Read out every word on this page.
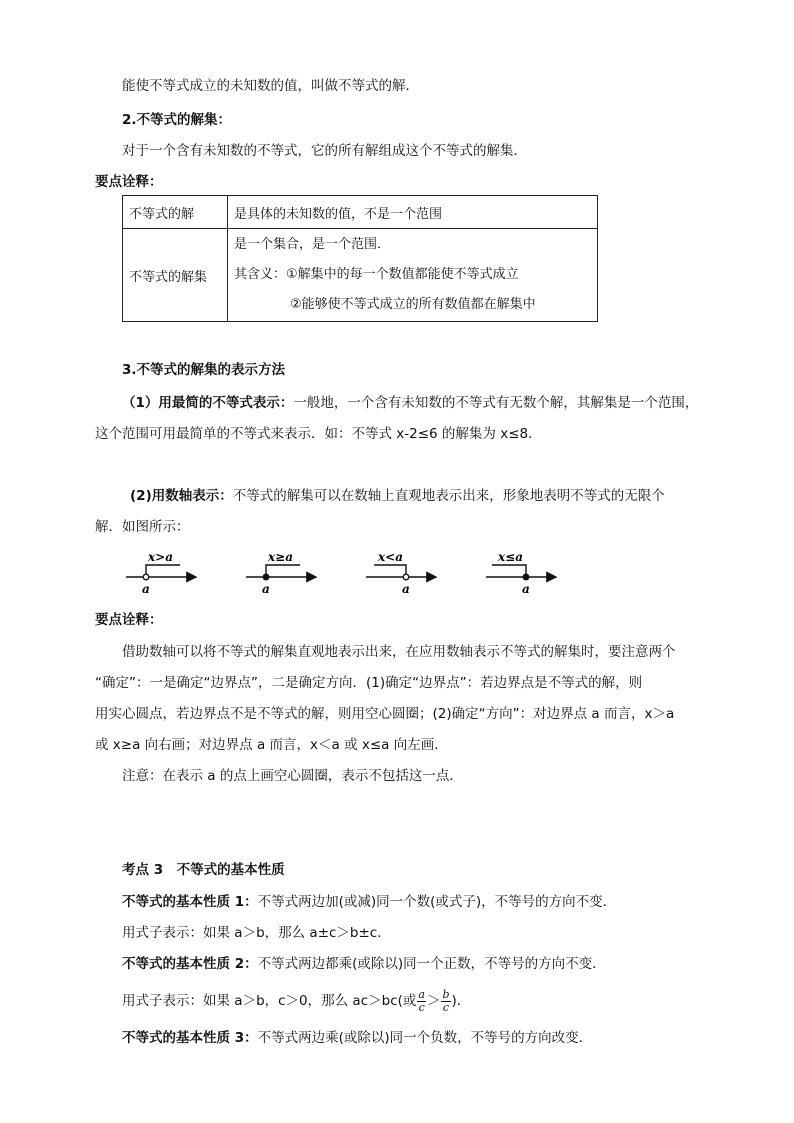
能使不等式成立的未知数的值，叫做不等式的解．
2.不等式的解集：
对于一个含有未知数的不等式，它的所有解组成这个不等式的解集．
要点诠释：
不等式的解	是具体的未知数的值，不是一个范围
不等式的解集	是一个集合，是一个范围．
其含义：①解集中的每一个数值都能使不等式成立
②能够使不等式成立的所有数值都在解集中
3.不等式的解集的表示方法
（1）用最简的不等式表示：一般地，一个含有未知数的不等式有无数个解，其解集是一个范围，
这个范围可用最简单的不等式来表示．如：不等式 x-2≤6 的解集为 x≤8．
(2)用数轴表示：不等式的解集可以在数轴上直观地表示出来，形象地表明不等式的无限个
解．如图所示：
x>a
a
x≥a
a
x<a
a
x≤a
a
要点诠释：
借助数轴可以将不等式的解集直观地表示出来，在应用数轴表示不等式的解集时，要注意两个
“确定”：一是确定“边界点”，二是确定方向．(1)确定“边界点”：若边界点是不等式的解，则
用实心圆点，若边界点不是不等式的解，则用空心圆圈；(2)确定“方向”：对边界点 a 而言，x＞a
或 x≥a 向右画；对边界点 a 而言，x＜a 或 x≤a 向左画．
注意：在表示 a 的点上画空心圆圈，表示不包括这一点．
考点 3　不等式的基本性质
不等式的基本性质 1：不等式两边加(或减)同一个数(或式子)，不等号的方向不变．
用式子表示：如果 a＞b，那么 a±c＞b±c．
不等式的基本性质 2：不等式两边都乘(或除以)同一个正数，不等号的方向不变．
用式子表示：如果 a＞b，c＞0，那么 ac＞bc(或 $\frac{a}{c} > \frac{b}{c}$ )．
不等式的基本性质 3：不等式两边乘(或除以)同一个负数，不等号的方向改变．
